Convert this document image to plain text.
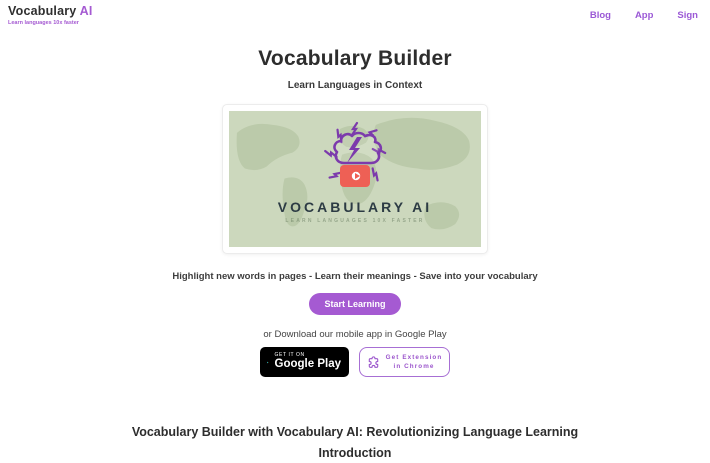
Vocabulary AI
Learn languages 10x faster
Blog	App	Sign
Vocabulary Builder
Learn Languages in Context
VOCABULARY AI
LEARN LANGUAGES 10X FASTER
Highlight new words in pages - Learn their meanings - Save into your vocabulary
Start Learning
or Download our mobile app in Google Play
GET IT ON
Google Play
Get Extension in Chrome
Vocabulary Builder with Vocabulary AI: Revolutionizing Language Learning
Introduction
